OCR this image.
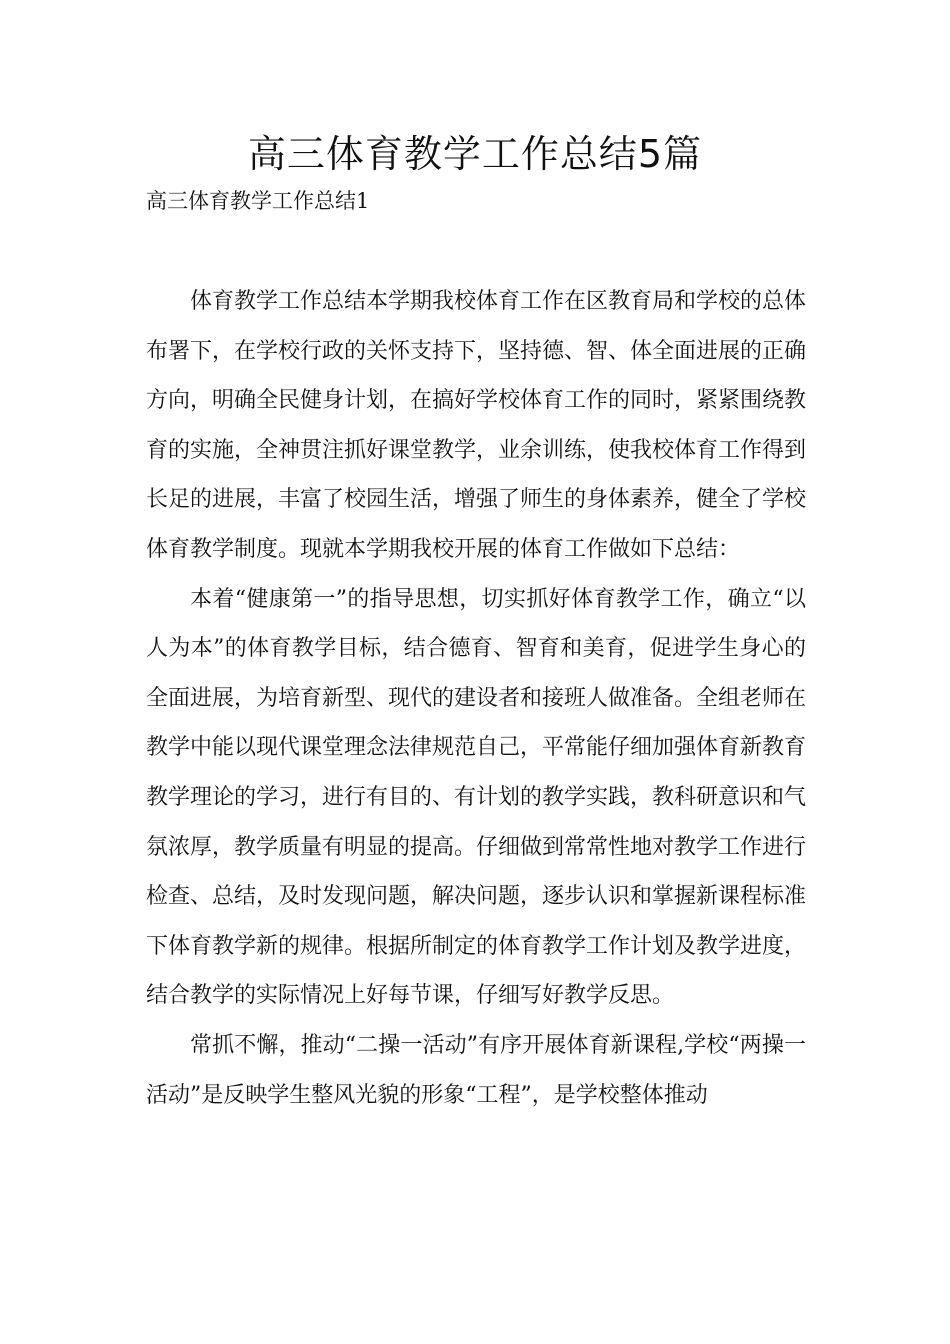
高三体育教学工作总结5篇
高三体育教学工作总结1

体育教学工作总结本学期我校体育工作在区教育局和学校的总体布署下，在学校行政的关怀支持下，坚持德、智、体全面进展的正确方向，明确全民健身计划，在搞好学校体育工作的同时，紧紧围绕教育的实施，全神贯注抓好课堂教学，业余训练，使我校体育工作得到长足的进展，丰富了校园生活，增强了师生的身体素养，健全了学校体育教学制度。现就本学期我校开展的体育工作做如下总结：

本着“健康第一”的指导思想，切实抓好体育教学工作，确立“以人为本”的体育教学目标，结合德育、智育和美育，促进学生身心的全面进展，为培育新型、现代的建设者和接班人做准备。全组老师在教学中能以现代课堂理念法律规范自己，平常能仔细加强体育新教育教学理论的学习，进行有目的、有计划的教学实践，教科研意识和气氛浓厚，教学质量有明显的提高。仔细做到常常性地对教学工作进行检查、总结，及时发现问题，解决问题，逐步认识和掌握新课程标准下体育教学新的规律。根据所制定的体育教学工作计划及教学进度，结合教学的实际情况上好每节课，仔细写好教学反思。

常抓不懈，推动“二操一活动”有序开展体育新课程,学校“两操一活动”是反映学生整风光貌的形象“工程”，是学校整体推动
